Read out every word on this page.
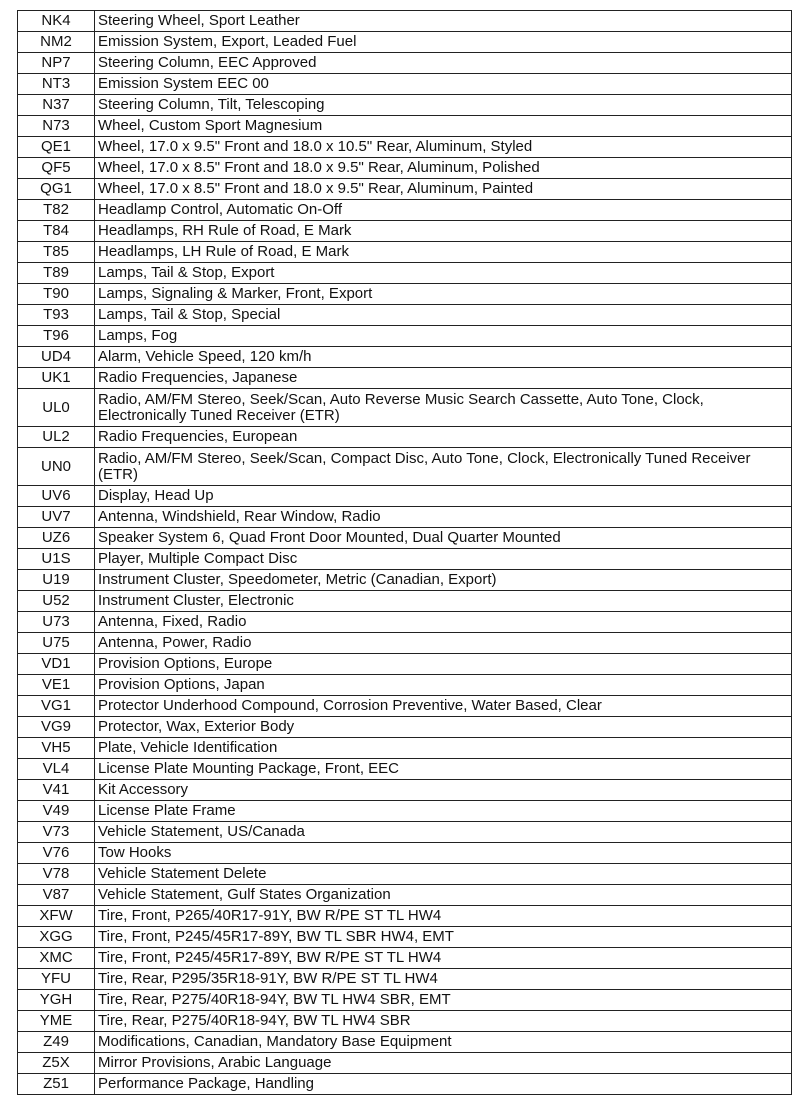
NK4	Steering Wheel, Sport Leather
NM2	Emission System, Export, Leaded Fuel
NP7	Steering Column, EEC Approved
NT3	Emission System EEC 00
N37	Steering Column, Tilt, Telescoping
N73	Wheel, Custom Sport Magnesium
QE1	Wheel, 17.0 x 9.5" Front and 18.0 x 10.5" Rear, Aluminum, Styled
QF5	Wheel, 17.0 x 8.5" Front and 18.0 x 9.5" Rear, Aluminum, Polished
QG1	Wheel, 17.0 x 8.5" Front and 18.0 x 9.5" Rear, Aluminum, Painted
T82	Headlamp Control, Automatic On-Off
T84	Headlamps, RH Rule of Road, E Mark
T85	Headlamps, LH Rule of Road, E Mark
T89	Lamps, Tail & Stop, Export
T90	Lamps, Signaling & Marker, Front, Export
T93	Lamps, Tail & Stop, Special
T96	Lamps, Fog
UD4	Alarm, Vehicle Speed, 120 km/h
UK1	Radio Frequencies, Japanese
UL0	Radio, AM/FM Stereo, Seek/Scan, Auto Reverse Music Search Cassette, Auto Tone, Clock, Electronically Tuned Receiver (ETR)
UL2	Radio Frequencies, European
UN0	Radio, AM/FM Stereo, Seek/Scan, Compact Disc, Auto Tone, Clock, Electronically Tuned Receiver (ETR)
UV6	Display, Head Up
UV7	Antenna, Windshield, Rear Window, Radio
UZ6	Speaker System 6, Quad Front Door Mounted, Dual Quarter Mounted
U1S	Player, Multiple Compact Disc
U19	Instrument Cluster, Speedometer, Metric (Canadian, Export)
U52	Instrument Cluster, Electronic
U73	Antenna, Fixed, Radio
U75	Antenna, Power, Radio
VD1	Provision Options, Europe
VE1	Provision Options, Japan
VG1	Protector Underhood Compound, Corrosion Preventive, Water Based, Clear
VG9	Protector, Wax, Exterior Body
VH5	Plate, Vehicle Identification
VL4	License Plate Mounting Package, Front, EEC
V41	Kit Accessory
V49	License Plate Frame
V73	Vehicle Statement, US/Canada
V76	Tow Hooks
V78	Vehicle Statement Delete
V87	Vehicle Statement, Gulf States Organization
XFW	Tire, Front, P265/40R17-91Y, BW R/PE ST TL HW4
XGG	Tire, Front, P245/45R17-89Y, BW TL SBR HW4, EMT
XMC	Tire, Front, P245/45R17-89Y, BW R/PE ST TL HW4
YFU	Tire, Rear, P295/35R18-91Y, BW R/PE ST TL HW4
YGH	Tire, Rear, P275/40R18-94Y, BW TL HW4 SBR, EMT
YME	Tire, Rear, P275/40R18-94Y, BW TL HW4 SBR
Z49	Modifications, Canadian, Mandatory Base Equipment
Z5X	Mirror Provisions, Arabic Language
Z51	Performance Package, Handling
